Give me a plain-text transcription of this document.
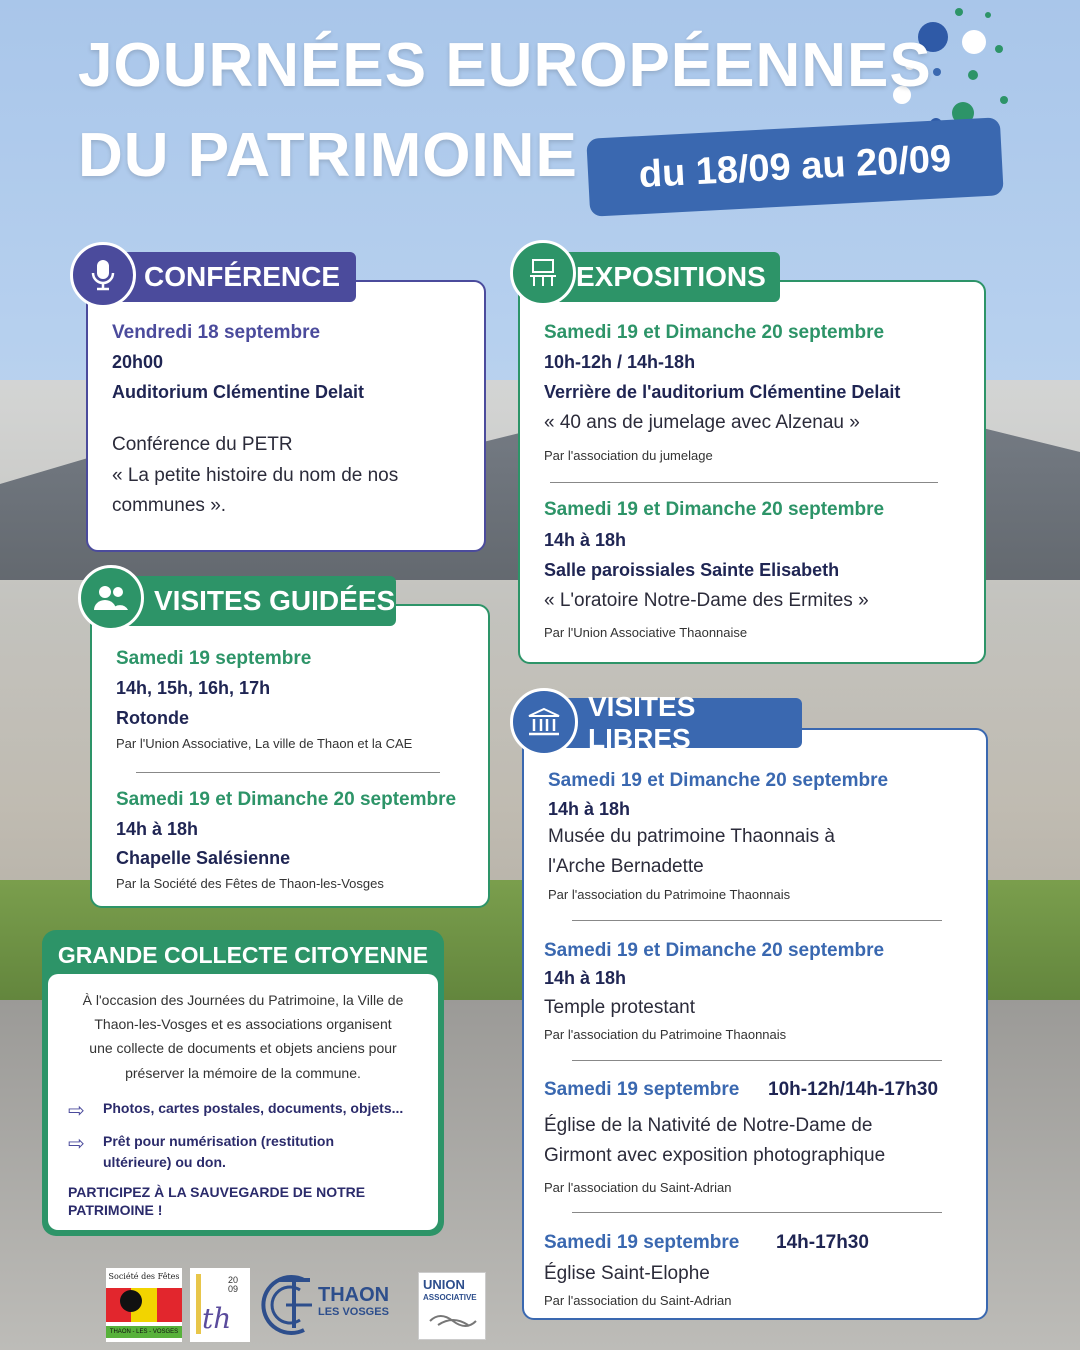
JOURNÉES EUROPÉENNES
DU PATRIMOINE	du 18/09 au 20/09
Vendredi 18 septembre
20h00
Auditorium Clémentine Delait
Conférence du PETR
« La petite histoire du nom de nos
communes ».
CONFÉRENCE
Samedi 19 et Dimanche 20 septembre
10h-12h / 14h-18h
Verrière de l'auditorium Clémentine Delait
« 40 ans de jumelage avec Alzenau »
Par l'association du jumelage
Samedi 19 et Dimanche 20 septembre
14h à 18h
Salle paroissiales Sainte Elisabeth
« L'oratoire Notre-Dame des Ermites »
Par l'Union Associative Thaonnaise
EXPOSITIONS
Samedi 19 septembre
14h, 15h, 16h, 17h
Rotonde
Par l'Union Associative, La ville de Thaon et la CAE
Samedi 19 et Dimanche 20 septembre
14h à 18h
Chapelle Salésienne
Par la Société des Fêtes de Thaon-les-Vosges
VISITES GUIDÉES
Samedi 19 et Dimanche 20 septembre
14h à 18h
Musée du patrimoine Thaonnais à
l'Arche Bernadette
Par l'association du Patrimoine Thaonnais
Samedi 19 et Dimanche 20 septembre
14h à 18h
Temple protestant
Par l'association du Patrimoine Thaonnais
Samedi 19 septembre 10h-12h/14h-17h30
Église de la Nativité de Notre-Dame de
Girmont avec exposition photographique
Par l'association du Saint-Adrian
Samedi 19 septembre 14h-17h30
Église Saint-Elophe
Par l'association du Saint-Adrian
VISITES LIBRES
GRANDE COLLECTE CITOYENNE
À l'occasion des Journées du Patrimoine, la Ville de
Thaon-les-Vosges et es associations organisent
une collecte de documents et objets anciens pour
préserver la mémoire de la commune.
⇨ Photos, cartes postales, documents, objets...
⇨ Prêt pour numérisation (restitution
ultérieure) ou don.
PARTICIPEZ À LA SAUVEGARDE DE NOTRE
PATRIMOINE !
Société des Fêtes
THAON - LES - VOSGES th
2009	THAON
LES VOSGES
UNION
ASSOCIATIVE
